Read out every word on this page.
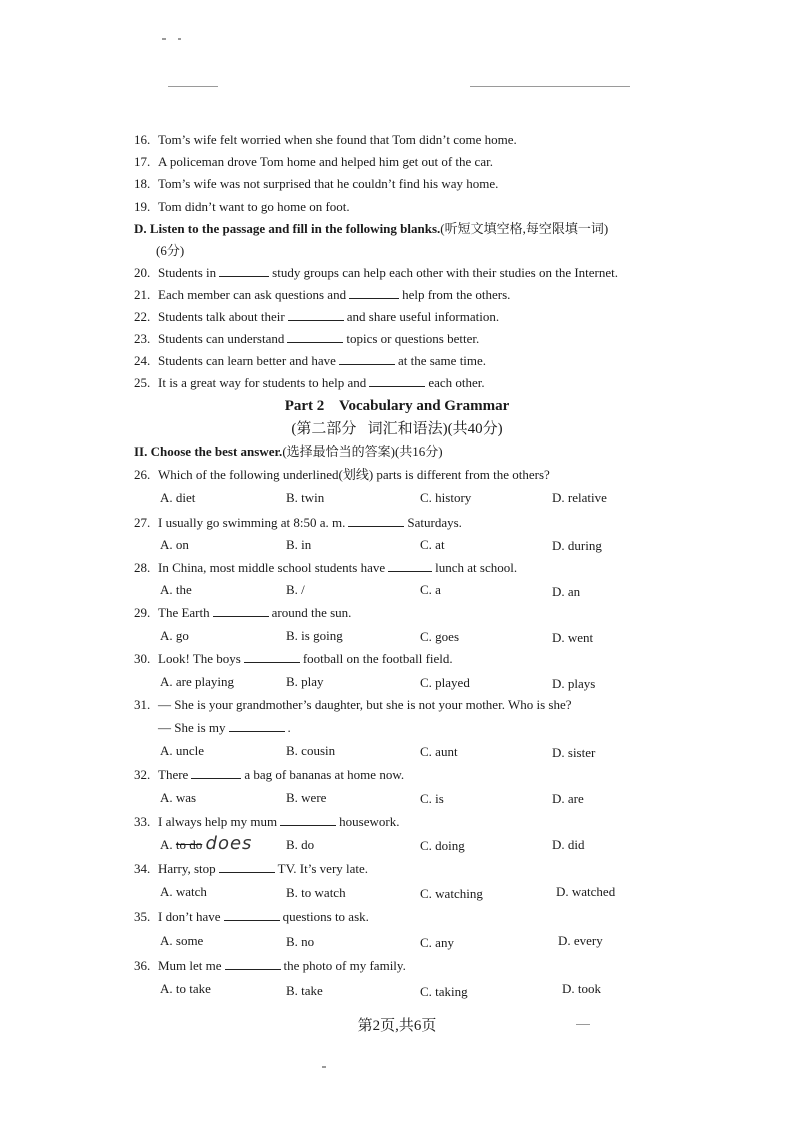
16. Tom’s wife felt worried when she found that Tom didn’t come home.
17. A policeman drove Tom home and helped him get out of the car.
18. Tom’s wife was not surprised that he couldn’t find his way home.
19. Tom didn’t want to go home on foot.
D. Listen to the passage and fill in the following blanks.(听短文填空格,每空限填一词)
(6分)
20. Students in	study groups can help each other with their studies on the Internet.
21. Each member can ask questions and	help from the others.
22. Students talk about their	and share useful information.
23. Students can understand	topics or questions better.
24. Students can learn better and have	at the same time.
25. It is a great way for students to help and	each other.
Part 2    Vocabulary and Grammar
(第二部分   词汇和语法)(共40分)
II. Choose the best answer.(选择最恰当的答案)(共16分)
26. Which of the following underlined(划线) parts is different from the others?
A. diet	B. twin	C. history	D. relative
27. I usually go swimming at 8:50 a. m.	Saturdays.
A. on	B. in	C. at	D. during
28. In China, most middle school students have	lunch at school.
A. the	B. /	C. a	D. an
29. The Earth	around the sun.
A. go	B. is going	C. goes	D. went
30. Look! The boys	football on the football field.
A. are playing	B. play	C. played	D. plays
31. — She is your grandmother’s daughter, but she is not your mother. Who is she?
— She is my	.
A. uncle	B. cousin	C. aunt	D. sister
32. There	a bag of bananas at home now.
A. was	B. were	C. is	D. are
33. I always help my mum	housework.
A. to do does	B. do	C. doing	D. did
34. Harry, stop	TV. It’s very late.
A. watch	B. to watch	C. watching	D. watched
35. I don’t have	questions to ask.
A. some	B. no	C. any	D. every
36. Mum let me	the photo of my family.
A. to take	B. take	C. taking	D. took
第2页,共6页
